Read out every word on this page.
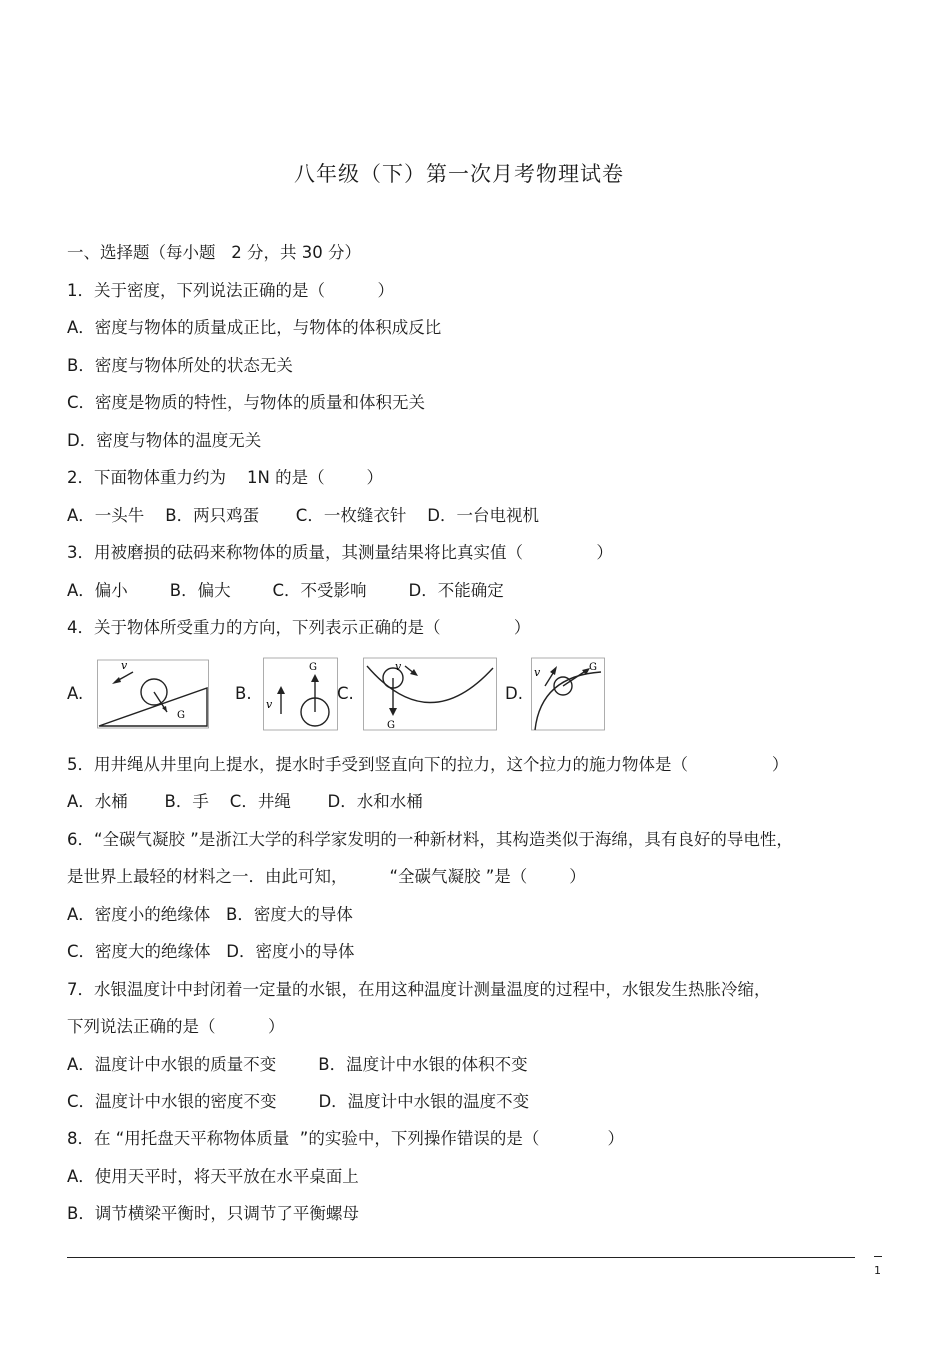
八年级（下）第一次月考物理试卷
一、选择题（每小题   2 分，共 30 分）
1．关于密度，下列说法正确的是（          ）
A．密度与物体的质量成正比，与物体的体积成反比
B．密度与物体所处的状态无关
C．密度是物质的特性，与物体的质量和体积无关
D．密度与物体的温度无关
2．下面物体重力约为    1N 的是（        ）
A．一头牛    B．两只鸡蛋       C．一枚缝衣针    D．一台电视机
3．用被磨损的砝码来称物体的质量，其测量结果将比真实值（              ）
A．偏小        B．偏大        C．不受影响        D．不能确定
4．关于物体所受重力的方向，下列表示正确的是（              ）
A.
v
G
B.
v
G
C.
v
G
D.
v	G
5．用井绳从井里向上提水，提水时手受到竖直向下的拉力，这个拉力的施力物体是（                ）
A．水桶       B．手    C．井绳       D．水和水桶
6．“全碳气凝胶 ”是浙江大学的科学家发明的一种新材料，其构造类似于海绵，具有良好的导电性，
是世界上最轻的材料之一．由此可知，        “全碳气凝胶 ”是（        ）
A．密度小的绝缘体   B．密度大的导体
C．密度大的绝缘体   D．密度小的导体
7．水银温度计中封闭着一定量的水银，在用这种温度计测量温度的过程中，水银发生热胀冷缩，
下列说法正确的是（          ）
A．温度计中水银的质量不变        B．温度计中水银的体积不变
C．温度计中水银的密度不变        D．温度计中水银的温度不变
8．在 “用托盘天平称物体质量  ”的实验中，下列操作错误的是（             ）
A．使用天平时，将天平放在水平桌面上
B．调节横梁平衡时，只调节了平衡螺母
1
